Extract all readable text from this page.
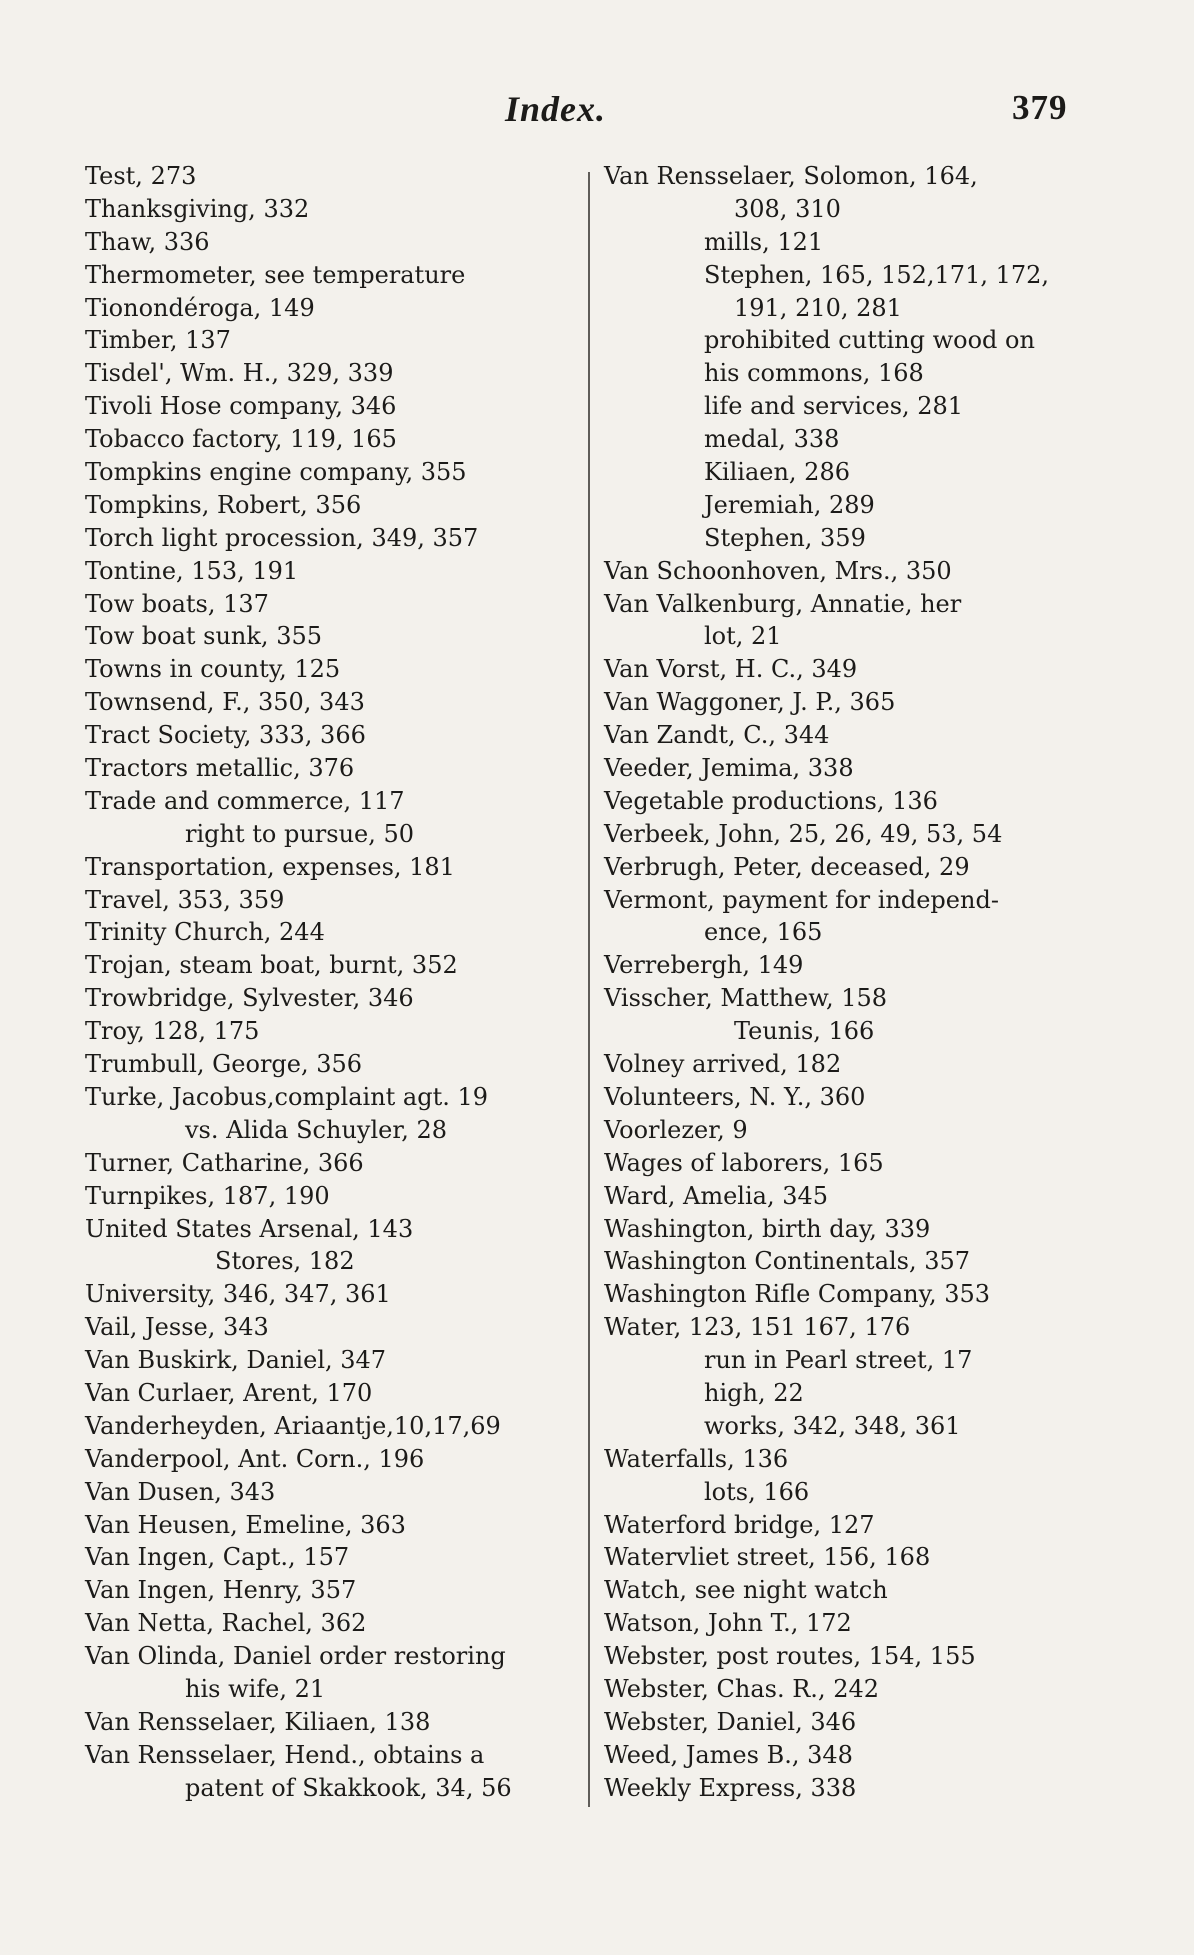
Index.	379
Test, 273
Thanksgiving, 332
Thaw, 336
Thermometer, see temperature
Tionondéroga, 149
Timber, 137
Tisdel', Wm. H., 329, 339
Tivoli Hose company, 346
Tobacco factory, 119, 165
Tompkins engine company, 355
Tompkins, Robert, 356
Torch light procession, 349, 357
Tontine, 153, 191
Tow boats, 137
Tow boat sunk, 355
Towns in county, 125
Townsend, F., 350, 343
Tract Society, 333, 366
Tractors metallic, 376
Trade and commerce, 117
right to pursue, 50
Transportation, expenses, 181
Travel, 353, 359
Trinity Church, 244
Trojan, steam boat, burnt, 352
Trowbridge, Sylvester, 346
Troy, 128, 175
Trumbull, George, 356
Turke, Jacobus,complaint agt. 19
vs. Alida Schuyler, 28
Turner, Catharine, 366
Turnpikes, 187, 190
United States Arsenal, 143
Stores, 182
University, 346, 347, 361
Vail, Jesse, 343
Van Buskirk, Daniel, 347
Van Curlaer, Arent, 170
Vanderheyden, Ariaantje,10,17,69
Vanderpool, Ant. Corn., 196
Van Dusen, 343
Van Heusen, Emeline, 363
Van Ingen, Capt., 157
Van Ingen, Henry, 357
Van Netta, Rachel, 362
Van Olinda, Daniel order restoring
his wife, 21
Van Rensselaer, Kiliaen, 138
Van Rensselaer, Hend., obtains a
patent of Skakkook, 34, 56
Van Rensselaer, Solomon, 164,
308, 310
mills, 121
Stephen, 165, 152,171, 172,
191, 210, 281
prohibited cutting wood on
his commons, 168
life and services, 281
medal, 338
Kiliaen, 286
Jeremiah, 289
Stephen, 359
Van Schoonhoven, Mrs., 350
Van Valkenburg, Annatie, her
lot, 21
Van Vorst, H. C., 349
Van Waggoner, J. P., 365
Van Zandt, C., 344
Veeder, Jemima, 338
Vegetable productions, 136
Verbeek, John, 25, 26, 49, 53, 54
Verbrugh, Peter, deceased, 29
Vermont, payment for independ-
ence, 165
Verrebergh, 149
Visscher, Matthew, 158
Teunis, 166
Volney arrived, 182
Volunteers, N. Y., 360
Voorlezer, 9
Wages of laborers, 165
Ward, Amelia, 345
Washington, birth day, 339
Washington Continentals, 357
Washington Rifle Company, 353
Water, 123, 151 167, 176
run in Pearl street, 17
high, 22
works, 342, 348, 361
Waterfalls, 136
lots, 166
Waterford bridge, 127
Watervliet street, 156, 168
Watch, see night watch
Watson, John T., 172
Webster, post routes, 154, 155
Webster, Chas. R., 242
Webster, Daniel, 346
Weed, James B., 348
Weekly Express, 338
